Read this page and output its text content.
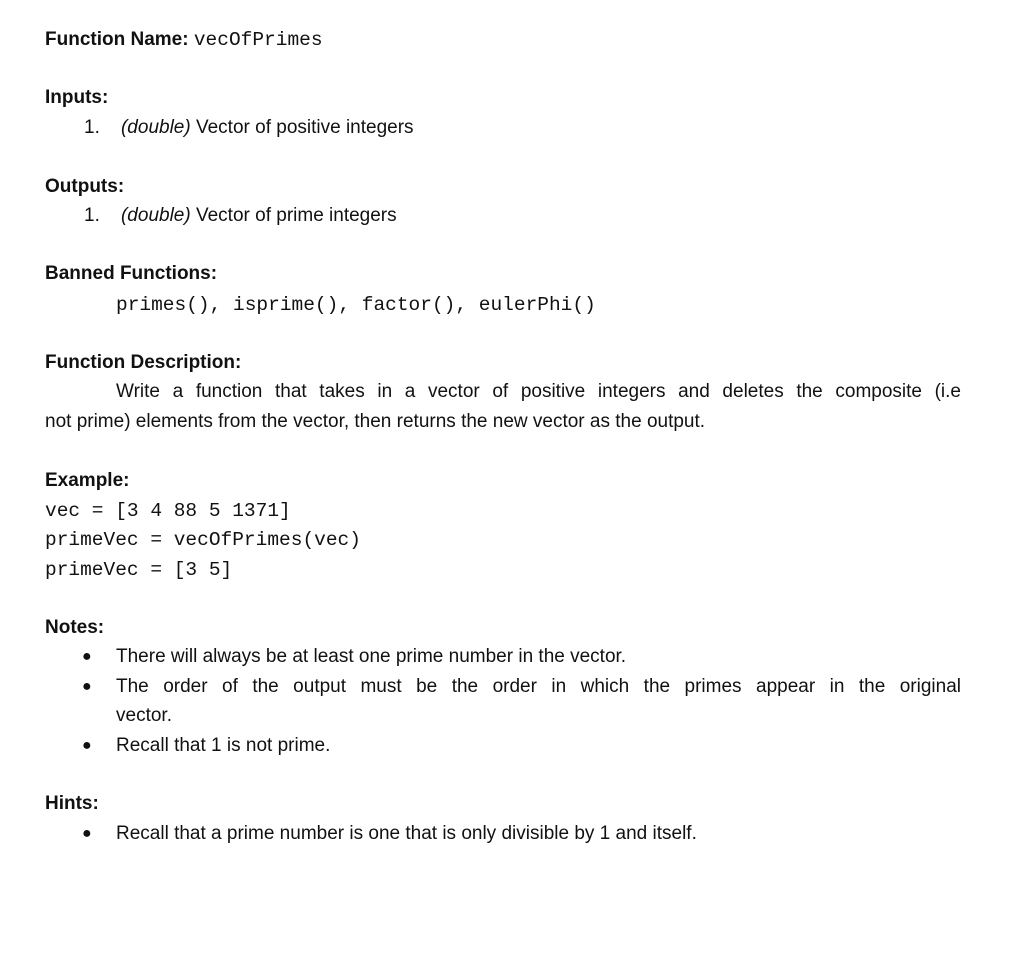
Function Name: vecOfPrimes
Inputs:
1. (double) Vector of positive integers
Outputs:
1. (double) Vector of prime integers
Banned Functions:
primes(), isprime(), factor(), eulerPhi()
Function Description:
Write a function that takes in a vector of positive integers and deletes the composite (i.e
not prime) elements from the vector, then returns the new vector as the output.
Example:
vec = [3 4 88 5 1371]
primeVec = vecOfPrimes(vec)
primeVec = [3 5]
Notes:
● There will always be at least one prime number in the vector.
● The order of the output must be the order in which the primes appear in the original
vector.
● Recall that 1 is not prime.
Hints:
● Recall that a prime number is one that is only divisible by 1 and itself.
